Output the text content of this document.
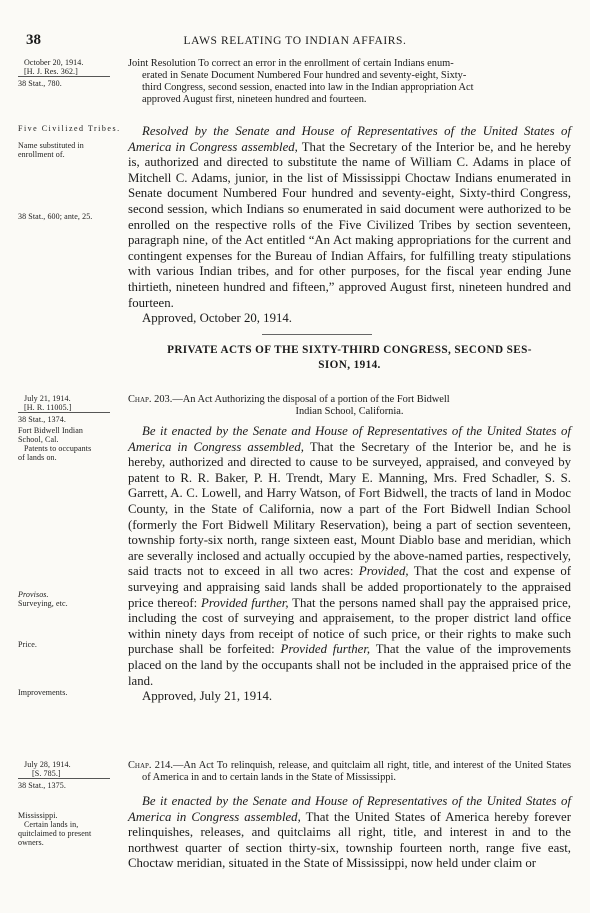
38	LAWS RELATING TO INDIAN AFFAIRS.
October 20, 1914.
[H. J. Res. 362.]
38 Stat., 780.
Joint Resolution To correct an error in the enrollment of certain Indians enum-
erated in Senate Document Numbered Four hundred and seventy-eight, Sixty-
third Congress, second session, enacted into law in the Indian appropriation Act
approved August first, nineteen hundred and fourteen.
Five Civilized Tribes.
Name substituted in
enrollment of.
38 Stat., 600; ante, 25.

Resolved by the Senate and House of Representatives of the United States of America in Congress assembled, That the Secretary of the Interior be, and he hereby is, authorized and directed to substitute the name of William C. Adams in place of Mitchell C. Adams, junior, in the list of Mississippi Choctaw Indians enumerated in Senate document Numbered Four hundred and seventy-eight, Sixty-third Congress, second session, which Indians so enumerated in said document were authorized to be enrolled on the respective rolls of the Five Civilized Tribes by section seventeen, paragraph nine, of the Act entitled “An Act making appropriations for the current and contingent expenses for the Bureau of Indian Affairs, for fulfilling treaty stipulations with various Indian tribes, and for other purposes, for the fiscal year ending June thirtieth, nineteen hundred and fifteen,” approved August first, nineteen hundred and fourteen.

Approved, October 20, 1914.

PRIVATE ACTS OF THE SIXTY-THIRD CONGRESS, SECOND SES-
SION, 1914.
July 21, 1914.
[H. R. 11005.]
38 Stat., 1374.
Fort Bidwell Indian
School, Cal.
Patents to occupants
of lands on.
Provisos.
Surveying, etc.
Price.
Improvements.

Chap. 203.—An Act Authorizing the disposal of a portion of the Fort Bidwell
Indian School, California.

Be it enacted by the Senate and House of Representatives of the United States of America in Congress assembled, That the Secretary of the Interior be, and he is hereby, authorized and directed to cause to be surveyed, appraised, and conveyed by patent to R. R. Baker, P. H. Trendt, Mary E. Manning, Mrs. Fred Schadler, S. S. Garrett, A. C. Lowell, and Harry Watson, of Fort Bidwell, the tracts of land in Modoc County, in the State of California, now a part of the Fort Bidwell Indian School (formerly the Fort Bidwell Military Reservation), being a part of section seventeen, township forty-six north, range sixteen east, Mount Diablo base and meridian, which are severally inclosed and actually occupied by the above-named parties, respectively, said tracts not to exceed in all two acres: Provided, That the cost and expense of surveying and appraising said lands shall be added proportionately to the appraised price thereof: Provided further, That the persons named shall pay the appraised price, including the cost of surveying and appraisement, to the proper district land office within ninety days from receipt of notice of such price, or their rights to make such purchase shall be forfeited: Provided further, That the value of the improvements placed on the land by the occupants shall not be included in the appraised price of the land.

Approved, July 21, 1914.

July 28, 1914.
[S. 785.]
38 Stat., 1375.
Mississippi.
Certain lands in,
quitclaimed to present
owners.

Chap. 214.—An Act To relinquish, release, and quitclaim all right, title, and interest of the United States of America in and to certain lands in the State of Mississippi.

Be it enacted by the Senate and House of Representatives of the United States of America in Congress assembled, That the United States of America hereby forever relinquishes, releases, and quitclaims all right, title, and interest in and to the northwest quarter of section thirty-six, township fourteen north, range five east, Choctaw meridian, situated in the State of Mississippi, now held under claim or
